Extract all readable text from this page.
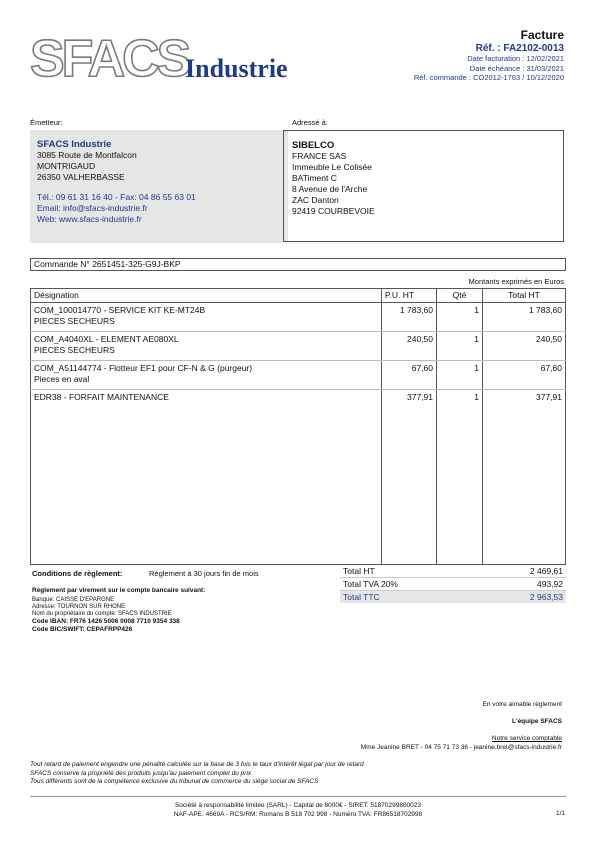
SFACS
Industrie
Facture
Réf. : FA2102-0013
Date facturation : 12/02/2021
Date échéance : 31/03/2021
Réf. commande : CO2012-1763 / 10/12/2020
Émetteur:	Adressé à:
SFACS Industrie
3085 Route de Montfalcon
MONTRIGAUD
26350 VALHERBASSE
Tél.: 09 61 31 16 40 - Fax: 04 86 55 63 01
Email: info@sfacs-industrie.fr
Web: www.sfacs-industrie.fr
SIBELCO
FRANCE SAS
Immeuble Le Colisée
BATiment C
8 Avenue de l'Arche
ZAC Danton
92419 COURBEVOIE
Commande N° 2651451-325-G9J-BKP
Montants exprimés en Euros
Désignation	P.U. HT	Qté	Total HT

COM_100014770 - SERVICE KIT KE-MT24B
PIECES SECHEURS	1 783,60	1	1 783,60

COM_A4040XL - ELEMENT AE080XL
PIECES SECHEURS	240,50	1	240,50

COM_A51144774 - Flotteur EF1 pour CF-N & G (purgeur)
Pieces en aval	67,60	1	67,60

EDR38 - FORFAIT MAINTENANCE	377,91	1	377,91
Conditions de règlement:	Règlement à 30 jours fin de mois
Règlement par virement sur le compte bancaire suivant:
Banque: CAISSE D'EPARGNE
Adresse: TOURNON SUR RHONE
Nom du propriétaire du compte: SFACS INDUSTRIE
Code IBAN: FR76 1426 5006 0008 7710 9354 338
Code BIC/SWIFT: CEPAFRPP426
Total HT	2 469,61
Total TVA 20%	493,92
Total TTC	2 963,53
En votre aimable règlement
L'équipe SFACS
Notre service comptable
Mme Jeanine BRET - 04 75 71 73 36 - jeanine.bret@sfacs-industrie.fr
Tout retard de paiement engendre une pénalité calculée sur la base de 3 fois le taux d'intérêt légal par jour de retard
SFACS conserve la propriété des produits jusqu'au paiement complet du prix
Tous différents sont de la compétence exclusive du tribunal de commerce du siège social de SFACS
Société à responsabilité limitée (SARL) - Capital de 8000€ - SIRET: 51870299800023
NAF-APE: 4669A - RCS/RM: Romans B 518 702 998 - Numéro TVA: FR86518702998	1/1
